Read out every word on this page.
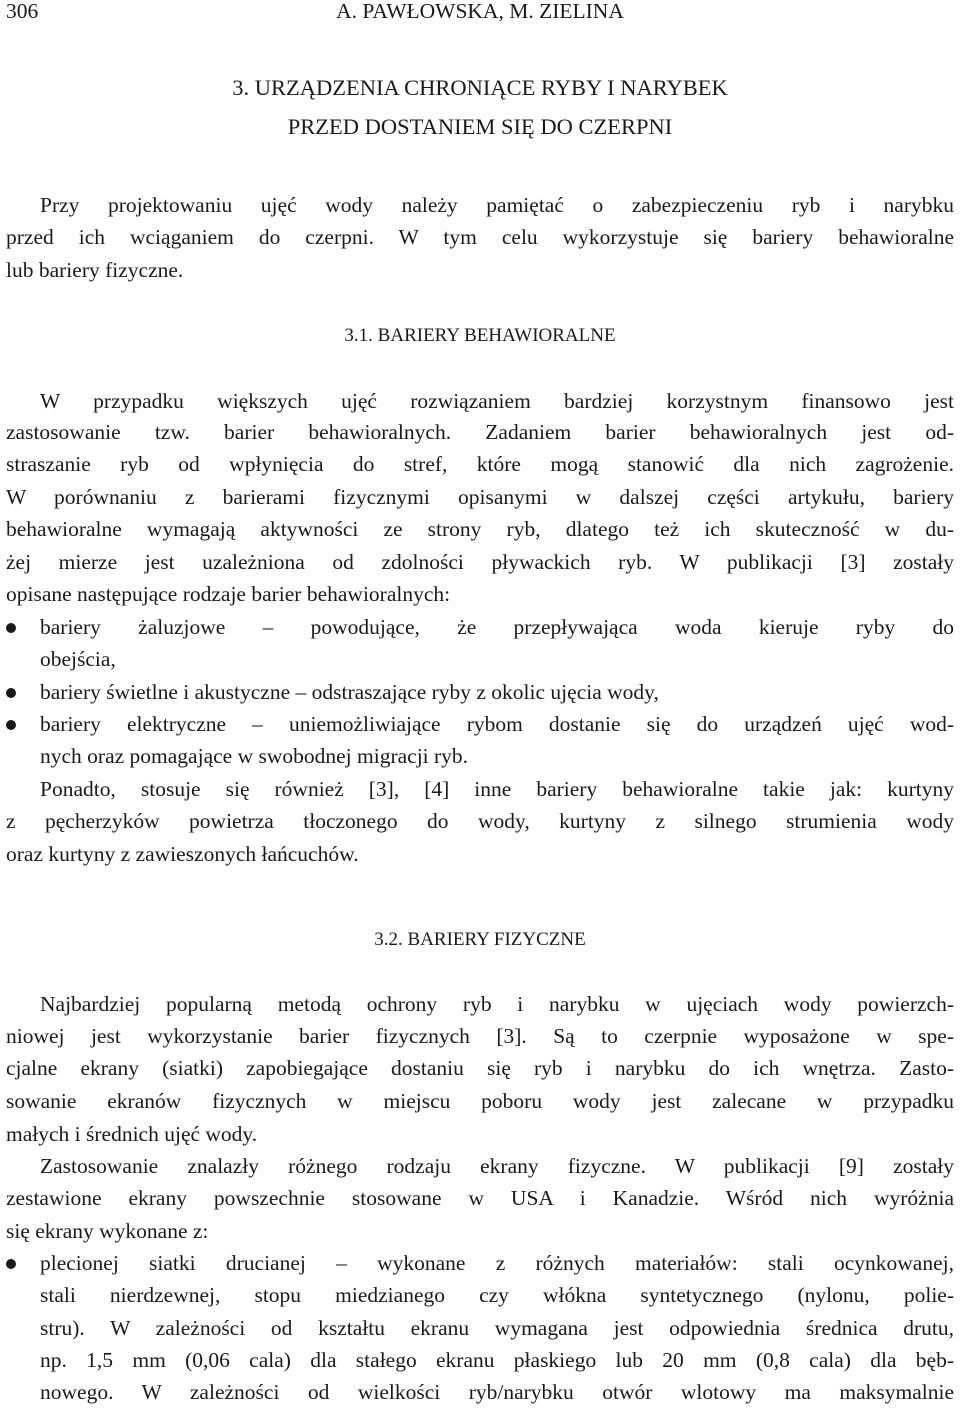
306	A. PAWŁOWSKA, M. ZIELINA
3. URZĄDZENIA CHRONIĄCE RYBY I NARYBEK
PRZED DOSTANIEM SIĘ DO CZERPNI
Przy projektowaniu ujęć wody należy pamiętać o zabezpieczeniu ryb i narybku
przed ich wciąganiem do czerpni. W tym celu wykorzystuje się bariery behawioralne
lub bariery fizyczne.
3.1. BARIERY BEHAWIORALNE
W przypadku większych ujęć rozwiązaniem bardziej korzystnym finansowo jest
zastosowanie tzw. barier behawioralnych. Zadaniem barier behawioralnych jest od-
straszanie ryb od wpłynięcia do stref, które mogą stanowić dla nich zagrożenie.
W porównaniu z barierami fizycznymi opisanymi w dalszej części artykułu, bariery
behawioralne wymagają aktywności ze strony ryb, dlatego też ich skuteczność w du-
żej mierze jest uzależniona od zdolności pływackich ryb. W publikacji [3] zostały
opisane następujące rodzaje barier behawioralnych:
bariery żaluzjowe – powodujące, że przepływająca woda kieruje ryby do
obejścia,
bariery świetlne i akustyczne – odstraszające ryby z okolic ujęcia wody,
bariery elektryczne – uniemożliwiające rybom dostanie się do urządzeń ujęć wod-
nych oraz pomagające w swobodnej migracji ryb.
Ponadto, stosuje się również [3], [4] inne bariery behawioralne takie jak: kurtyny
z pęcherzyków powietrza tłoczonego do wody, kurtyny z silnego strumienia wody
oraz kurtyny z zawieszonych łańcuchów.
3.2. BARIERY FIZYCZNE
Najbardziej popularną metodą ochrony ryb i narybku w ujęciach wody powierzch-
niowej jest wykorzystanie barier fizycznych [3]. Są to czerpnie wyposażone w spe-
cjalne ekrany (siatki) zapobiegające dostaniu się ryb i narybku do ich wnętrza. Zasto-
sowanie ekranów fizycznych w miejscu poboru wody jest zalecane w przypadku
małych i średnich ujęć wody.
Zastosowanie znalazły różnego rodzaju ekrany fizyczne. W publikacji [9] zostały
zestawione ekrany powszechnie stosowane w USA i Kanadzie. Wśród nich wyróżnia
się ekrany wykonane z:
plecionej siatki drucianej – wykonane z różnych materiałów: stali ocynkowanej,
stali nierdzewnej, stopu miedzianego czy włókna syntetycznego (nylonu, polie-
stru). W zależności od kształtu ekranu wymagana jest odpowiednia średnica drutu,
np. 1,5 mm (0,06 cala) dla stałego ekranu płaskiego lub 20 mm (0,8 cala) dla bęb-
nowego. W zależności od wielkości ryb/narybku otwór wlotowy ma maksymalnie
